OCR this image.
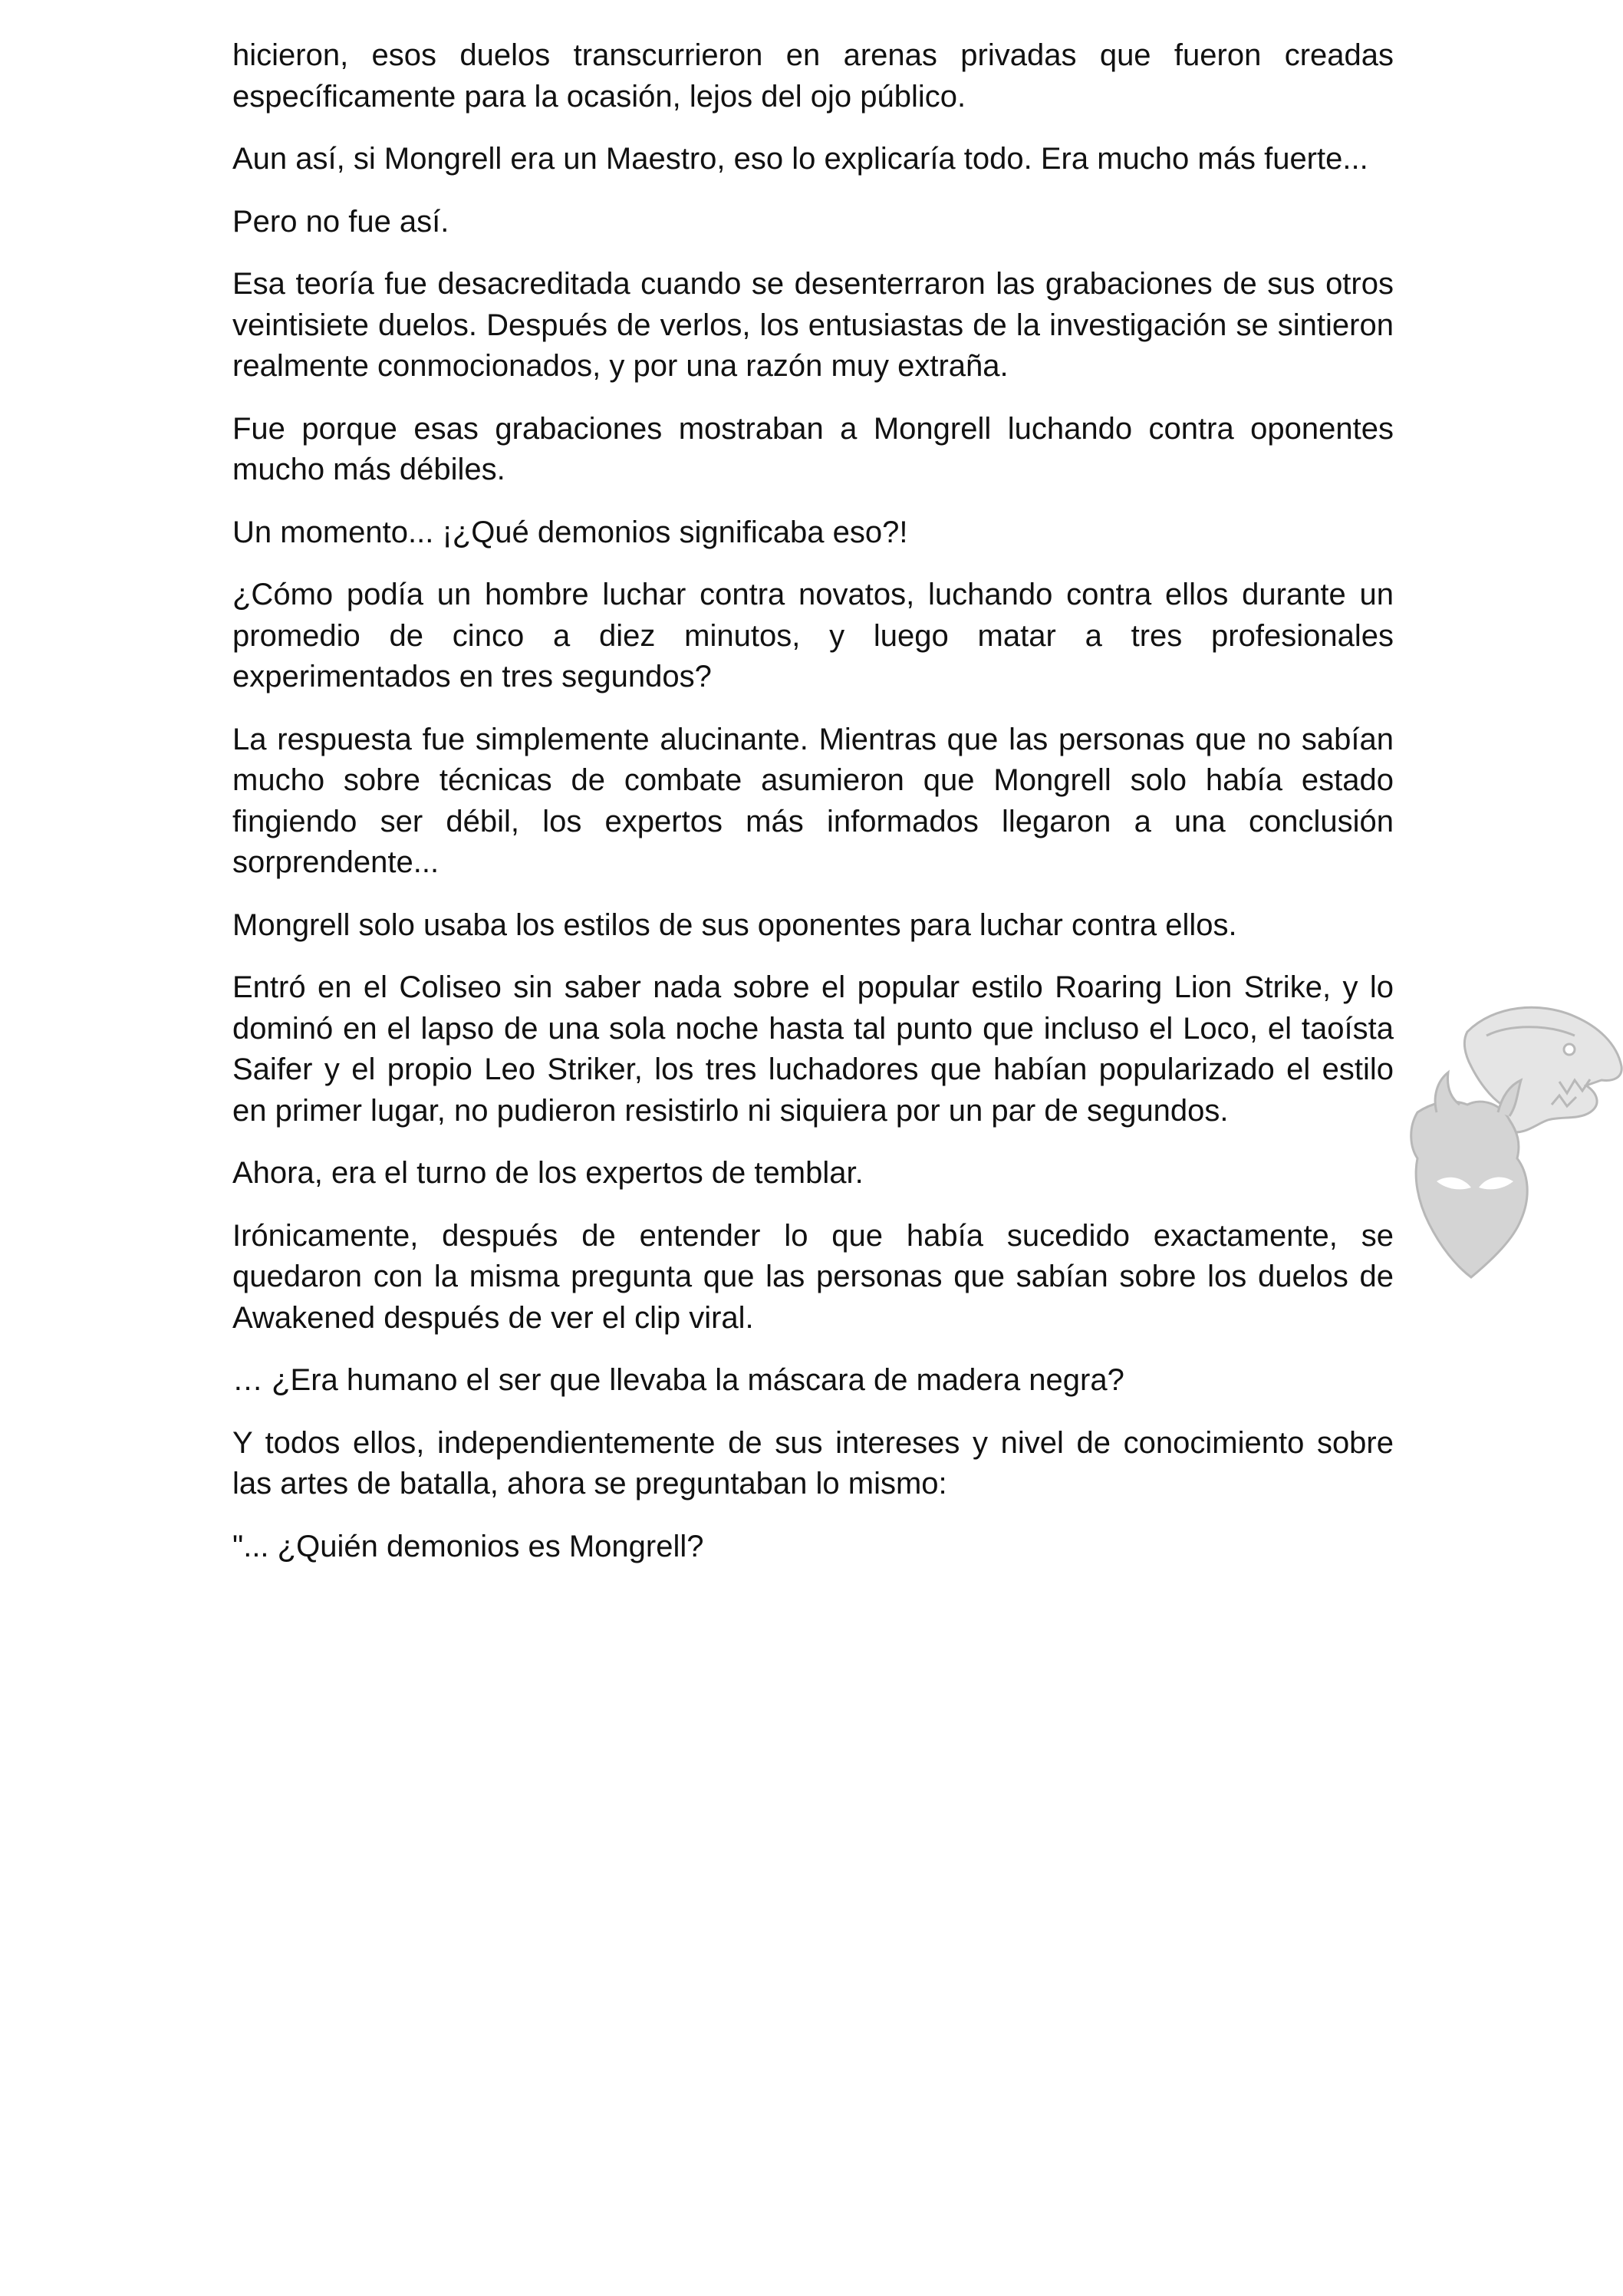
hicieron, esos duelos transcurrieron en arenas privadas que fueron creadas específicamente para la ocasión, lejos del ojo público.

Aun así, si Mongrell era un Maestro, eso lo explicaría todo. Era mucho más fuerte...

Pero no fue así.

Esa teoría fue desacreditada cuando se desenterraron las grabaciones de sus otros veintisiete duelos. Después de verlos, los entusiastas de la investigación se sintieron realmente conmocionados, y por una razón muy extraña.

Fue porque esas grabaciones mostraban a Mongrell luchando contra oponentes mucho más débiles.

Un momento... ¡¿Qué demonios significaba eso?!

¿Cómo podía un hombre luchar contra novatos, luchando contra ellos durante un promedio de cinco a diez minutos, y luego matar a tres profesionales experimentados en tres segundos?

La respuesta fue simplemente alucinante. Mientras que las personas que no sabían mucho sobre técnicas de combate asumieron que Mongrell solo había estado fingiendo ser débil, los expertos más informados llegaron a una conclusión sorprendente...

Mongrell solo usaba los estilos de sus oponentes para luchar contra ellos.

Entró en el Coliseo sin saber nada sobre el popular estilo Roaring Lion Strike, y lo dominó en el lapso de una sola noche hasta tal punto que incluso el Loco, el taoísta Saifer y el propio Leo Striker, los tres luchadores que habían popularizado el estilo en primer lugar, no pudieron resistirlo ni siquiera por un par de segundos.

Ahora, era el turno de los expertos de temblar.

Irónicamente, después de entender lo que había sucedido exactamente, se quedaron con la misma pregunta que las personas que sabían sobre los duelos de Awakened después de ver el clip viral.

… ¿Era humano el ser que llevaba la máscara de madera negra?

Y todos ellos, independientemente de sus intereses y nivel de conocimiento sobre las artes de batalla, ahora se preguntaban lo mismo:

"... ¿Quién demonios es Mongrell?
